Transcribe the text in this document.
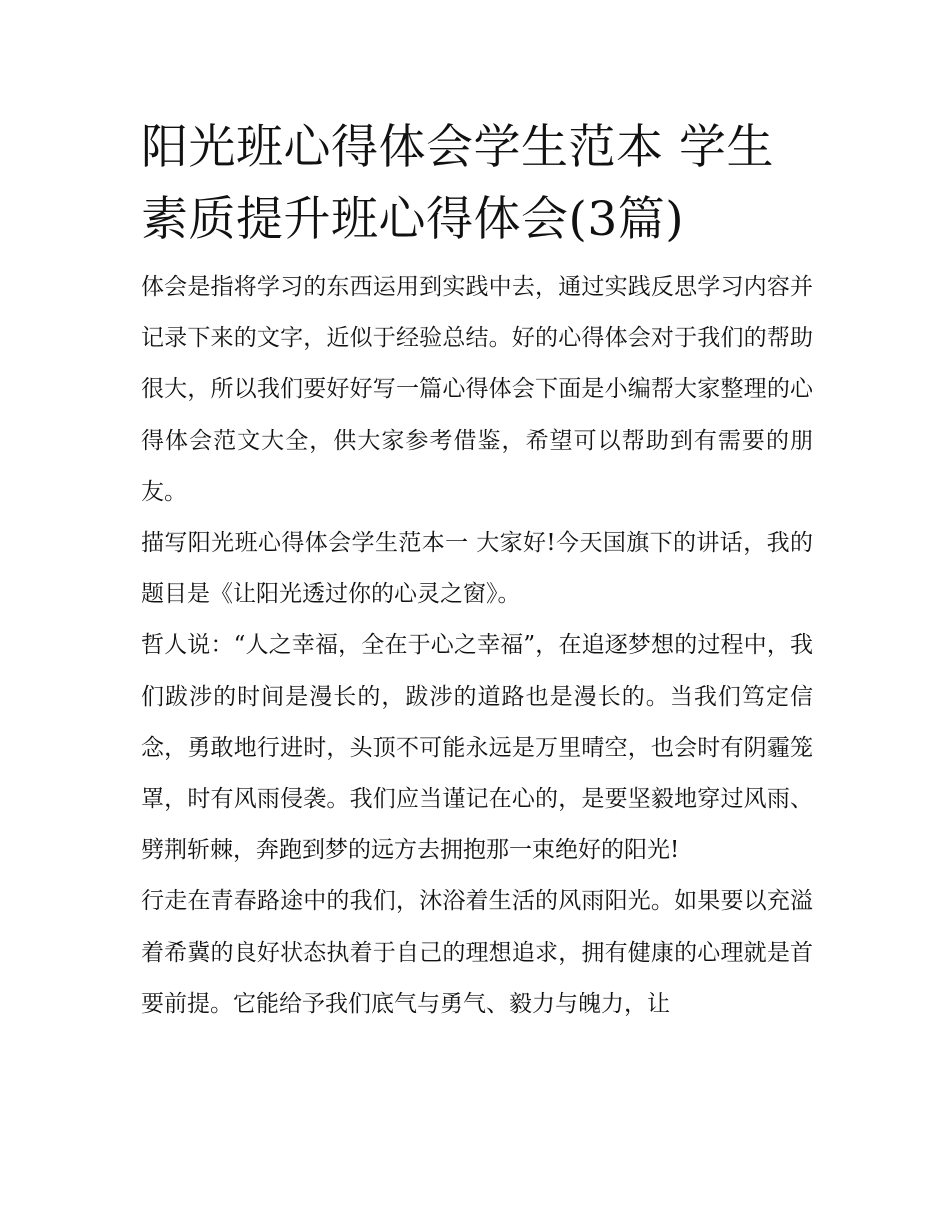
阳光班心得体会学生范本 学生素质提升班心得体会(3篇)

体会是指将学习的东西运用到实践中去，通过实践反思学习内容并记录下来的文字，近似于经验总结。好的心得体会对于我们的帮助很大，所以我们要好好写一篇心得体会下面是小编帮大家整理的心得体会范文大全，供大家参考借鉴，希望可以帮助到有需要的朋友。

描写阳光班心得体会学生范本一 大家好!今天国旗下的讲话，我的题目是《让阳光透过你的心灵之窗》。

哲人说：“人之幸福，全在于心之幸福”，在追逐梦想的过程中，我们跋涉的时间是漫长的，跋涉的道路也是漫长的。当我们笃定信念，勇敢地行进时，头顶不可能永远是万里晴空，也会时有阴霾笼罩，时有风雨侵袭。我们应当谨记在心的，是要坚毅地穿过风雨、劈荆斩棘，奔跑到梦的远方去拥抱那一束绝好的阳光!

行走在青春路途中的我们，沐浴着生活的风雨阳光。如果要以充溢着希冀的良好状态执着于自己的理想追求，拥有健康的心理就是首要前提。它能给予我们底气与勇气、毅力与魄力，让
